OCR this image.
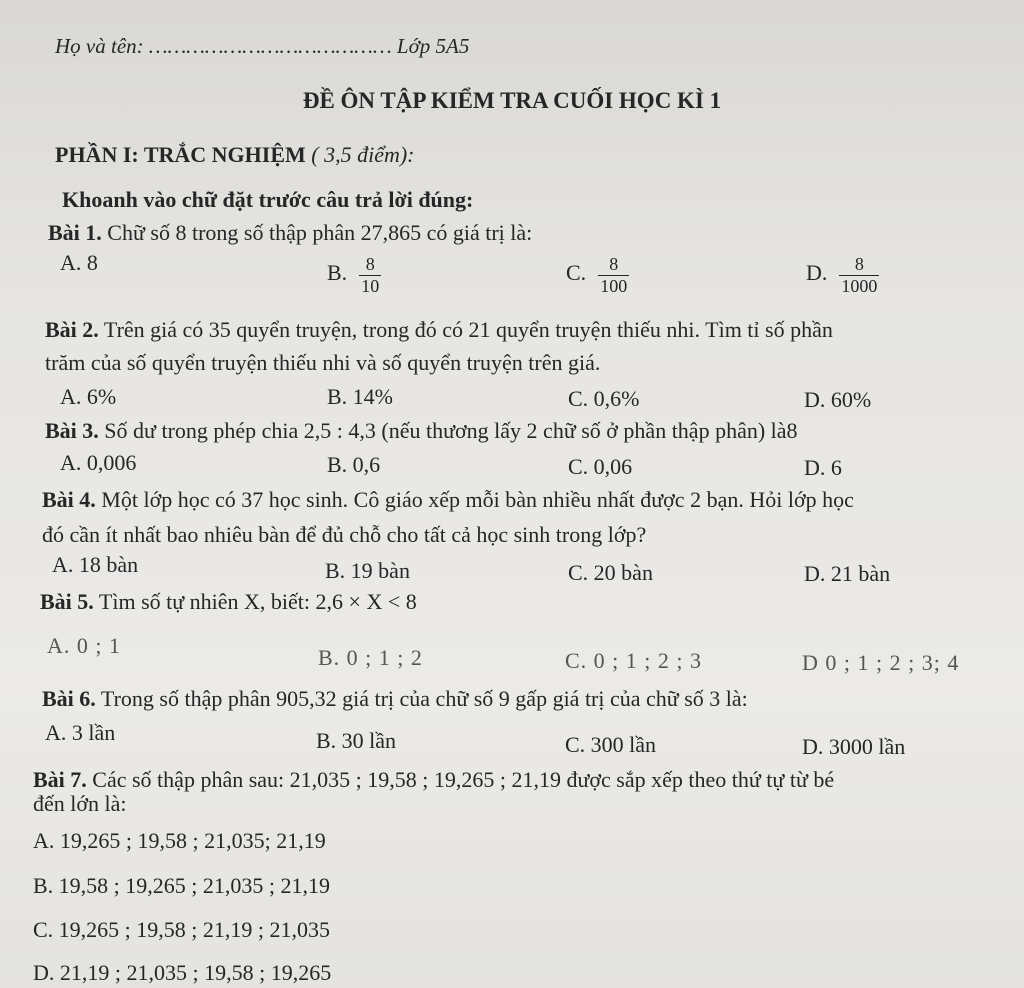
Họ và tên: ………………………………… Lớp 5A5
ĐỀ ÔN TẬP KIỂM TRA CUỐI HỌC KÌ 1
PHẦN I: TRẮC NGHIỆM ( 3,5 điểm):
Khoanh vào chữ đặt trước câu trả lời đúng:
Bài 1. Chữ số 8 trong số thập phân 27,865 có giá trị là:
A. 8	B. $\frac{8}{10}$	C. $\frac{8}{100}$	D. $\frac{8}{1000}$
Bài 2. Trên giá có 35 quyển truyện, trong đó có 21 quyển truyện thiếu nhi. Tìm tỉ số phần
trăm của số quyển truyện thiếu nhi và số quyển truyện trên giá.
A. 6%	B. 14%	C. 0,6%	D. 60%
Bài 3. Số dư trong phép chia 2,5 : 4,3 (nếu thương lấy 2 chữ số ở phần thập phân) là8
A. 0,006	B. 0,6	C. 0,06	D. 6
Bài 4. Một lớp học có 37 học sinh. Cô giáo xếp mỗi bàn nhiều nhất được 2 bạn. Hỏi lớp học
đó cần ít nhất bao nhiêu bàn để đủ chỗ cho tất cả học sinh trong lớp?
A. 18 bàn	B. 19 bàn	C. 20 bàn	D. 21 bàn
Bài 5. Tìm số tự nhiên X, biết: 2,6 × X < 8
A. 0 ; 1	B. 0 ; 1 ; 2	C. 0 ; 1 ; 2 ; 3	D 0 ; 1 ; 2 ; 3; 4
Bài 6. Trong số thập phân 905,32 giá trị của chữ số 9 gấp giá trị của chữ số 3 là:
A. 3 lần	B. 30 lần	C. 300 lần	D. 3000 lần
Bài 7. Các số thập phân sau: 21,035 ; 19,58 ; 19,265 ; 21,19 được sắp xếp theo thứ tự từ bé
đến lớn là:
A. 19,265 ; 19,58 ; 21,035; 21,19
B. 19,58 ; 19,265 ; 21,035 ; 21,19
C. 19,265 ; 19,58 ; 21,19 ; 21,035
D. 21,19 ; 21,035 ; 19,58 ; 19,265
